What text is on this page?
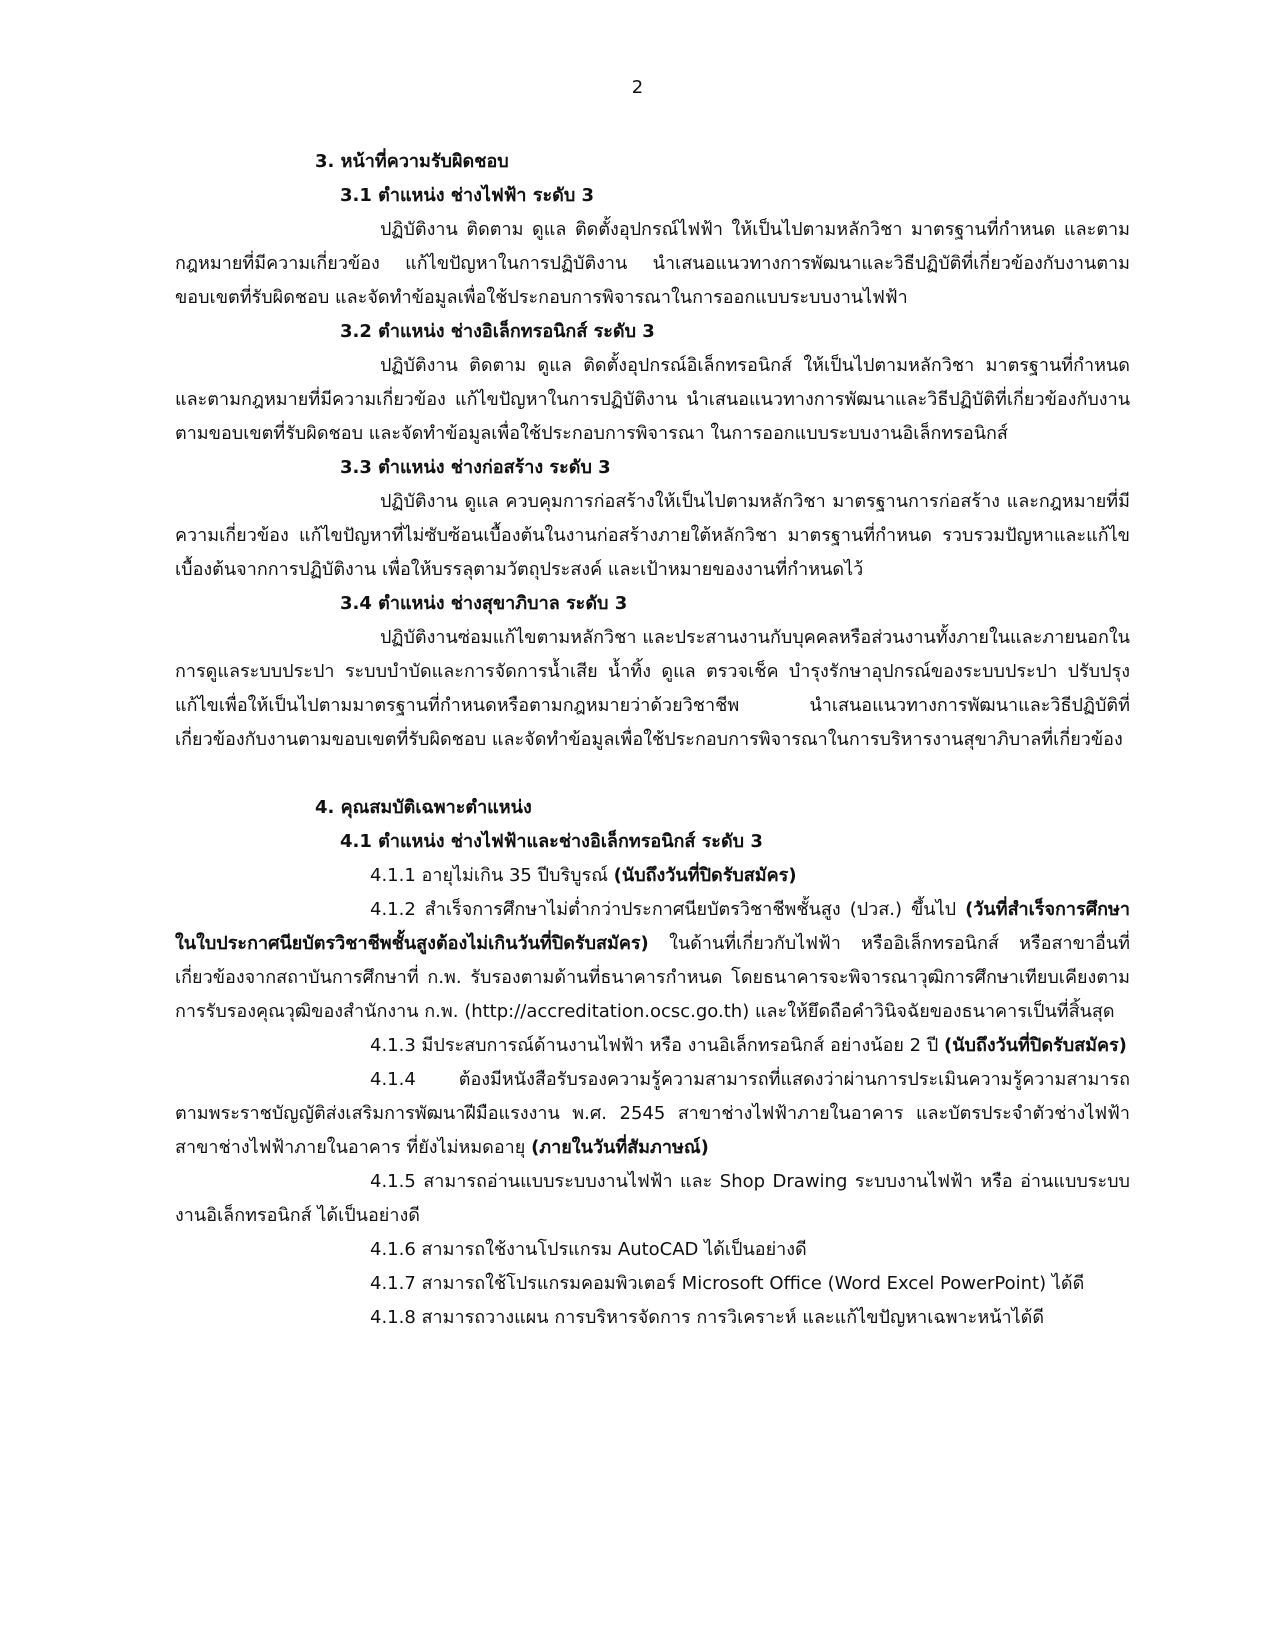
2

3. หน้าที่ความรับผิดชอบ

3.1 ตำแหน่ง ช่างไฟฟ้า ระดับ 3

ปฏิบัติงาน ติดตาม ดูแล ติดตั้งอุปกรณ์ไฟฟ้า ให้เป็นไปตามหลักวิชา มาตรฐานที่กำหนด และตามกฎหมายที่มีความเกี่ยวข้อง แก้ไขปัญหาในการปฏิบัติงาน นำเสนอแนวทางการพัฒนาและวิธีปฏิบัติที่เกี่ยวข้องกับงานตามขอบเขตที่รับผิดชอบ และจัดทำข้อมูลเพื่อใช้ประกอบการพิจารณาในการออกแบบระบบงานไฟฟ้า

3.2 ตำแหน่ง ช่างอิเล็กทรอนิกส์ ระดับ 3

ปฏิบัติงาน ติดตาม ดูแล ติดตั้งอุปกรณ์อิเล็กทรอนิกส์ ให้เป็นไปตามหลักวิชา มาตรฐานที่กำหนด และตามกฎหมายที่มีความเกี่ยวข้อง แก้ไขปัญหาในการปฏิบัติงาน นำเสนอแนวทางการพัฒนาและวิธีปฏิบัติที่เกี่ยวข้องกับงานตามขอบเขตที่รับผิดชอบ และจัดทำข้อมูลเพื่อใช้ประกอบการพิจารณา ในการออกแบบระบบงานอิเล็กทรอนิกส์

3.3 ตำแหน่ง ช่างก่อสร้าง ระดับ 3

ปฏิบัติงาน ดูแล ควบคุมการก่อสร้างให้เป็นไปตามหลักวิชา มาตรฐานการก่อสร้าง และกฎหมายที่มีความเกี่ยวข้อง แก้ไขปัญหาที่ไม่ซับซ้อนเบื้องต้นในงานก่อสร้างภายใต้หลักวิชา มาตรฐานที่กำหนด รวบรวมปัญหาและแก้ไขเบื้องต้นจากการปฏิบัติงาน เพื่อให้บรรลุตามวัตถุประสงค์ และเป้าหมายของงานที่กำหนดไว้

3.4 ตำแหน่ง ช่างสุขาภิบาล ระดับ 3

ปฏิบัติงานซ่อมแก้ไขตามหลักวิชา และประสานงานกับบุคคลหรือส่วนงานทั้งภายในและภายนอกในการดูแลระบบประปา ระบบบำบัดและการจัดการน้ำเสีย น้ำทิ้ง ดูแล ตรวจเช็ค บำรุงรักษาอุปกรณ์ของระบบประปา ปรับปรุงแก้ไขเพื่อให้เป็นไปตามมาตรฐานที่กำหนดหรือตามกฎหมายว่าด้วยวิชาชีพ นำเสนอแนวทางการพัฒนาและวิธีปฏิบัติที่เกี่ยวข้องกับงานตามขอบเขตที่รับผิดชอบ และจัดทำข้อมูลเพื่อใช้ประกอบการพิจารณาในการบริหารงานสุขาภิบาลที่เกี่ยวข้อง

4. คุณสมบัติเฉพาะตำแหน่ง

4.1 ตำแหน่ง ช่างไฟฟ้าและช่างอิเล็กทรอนิกส์ ระดับ 3

4.1.1 อายุไม่เกิน 35 ปีบริบูรณ์ (นับถึงวันที่ปิดรับสมัคร)

4.1.2 สำเร็จการศึกษาไม่ต่ำกว่าประกาศนียบัตรวิชาชีพชั้นสูง (ปวส.) ขึ้นไป (วันที่สำเร็จการศึกษาในใบประกาศนียบัตรวิชาชีพชั้นสูงต้องไม่เกินวันที่ปิดรับสมัคร) ในด้านที่เกี่ยวกับไฟฟ้า หรืออิเล็กทรอนิกส์ หรือสาขาอื่นที่เกี่ยวข้องจากสถาบันการศึกษาที่ ก.พ. รับรองตามด้านที่ธนาคารกำหนด โดยธนาคารจะพิจารณาวุฒิการศึกษาเทียบเคียงตามการรับรองคุณวุฒิของสำนักงาน ก.พ. (http://accreditation.ocsc.go.th) และให้ยึดถือคำวินิจฉัยของธนาคารเป็นที่สิ้นสุด

4.1.3 มีประสบการณ์ด้านงานไฟฟ้า หรือ งานอิเล็กทรอนิกส์ อย่างน้อย 2 ปี (นับถึงวันที่ปิดรับสมัคร)

4.1.4 ต้องมีหนังสือรับรองความรู้ความสามารถที่แสดงว่าผ่านการประเมินความรู้ความสามารถตามพระราชบัญญัติส่งเสริมการพัฒนาฝีมือแรงงาน พ.ศ. 2545 สาขาช่างไฟฟ้าภายในอาคาร และบัตรประจำตัวช่างไฟฟ้าสาขาช่างไฟฟ้าภายในอาคาร ที่ยังไม่หมดอายุ (ภายในวันที่สัมภาษณ์)

4.1.5 สามารถอ่านแบบระบบงานไฟฟ้า และ Shop Drawing ระบบงานไฟฟ้า หรือ อ่านแบบระบบงานอิเล็กทรอนิกส์ ได้เป็นอย่างดี

4.1.6 สามารถใช้งานโปรแกรม AutoCAD ได้เป็นอย่างดี

4.1.7 สามารถใช้โปรแกรมคอมพิวเตอร์ Microsoft Office (Word Excel PowerPoint) ได้ดี

4.1.8 สามารถวางแผน การบริหารจัดการ การวิเคราะห์ และแก้ไขปัญหาเฉพาะหน้าได้ดี
